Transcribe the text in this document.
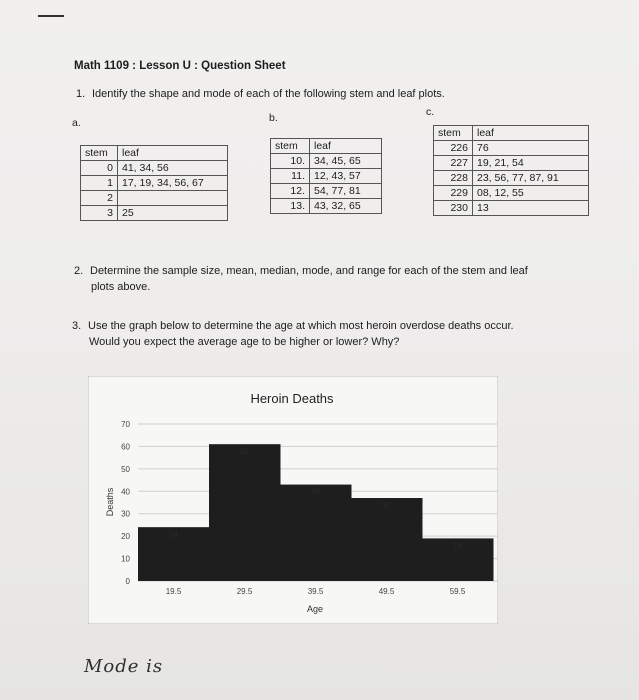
Math 1109 : Lesson U : Question Sheet
1. Identify the shape and mode of each of the following stem and leaf plots.
a.	b.	c.
stem	leaf
0	41, 34, 56
1	17, 19, 34, 56, 67
2	
3	25
stem	leaf
10.	34, 45, 65
11.	12, 43, 57
12.	54, 77, 81
13.	43, 32, 65
stem	leaf
226	76
227	19, 21, 54
228	23, 56, 77, 87, 91
229	08, 12, 55
230	13
2. Determine the sample size, mean, median, mode, and range for each of the stem and leaf
plots above.
3. Use the graph below to determine the age at which most heroin overdose deaths occur.
Would you expect the average age to be higher or lower? Why?
Heroin Deaths
24
61
43
37
19
0
10
20
30
40
50
60
70
19.5	29.5	39.5	49.5	59.5
Age
Deaths
Mode is
